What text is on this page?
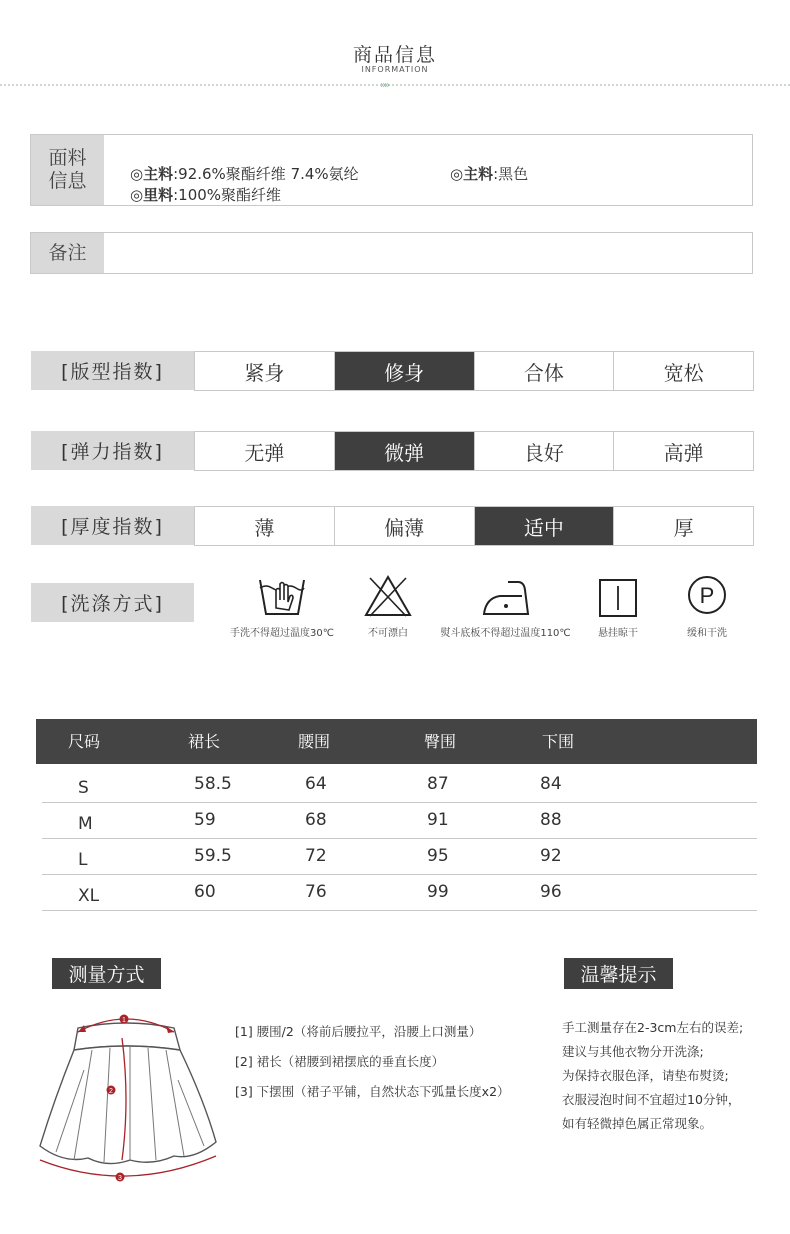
商品信息
INFORMATION
»»
面料
信息	◎主料:92.6%聚酯纤维 7.4%氨纶
◎里料:100%聚酯纤维
◎主料:黑色
备注
[版型指数]	紧身	修身	合体	宽松
[弹力指数]	无弹	微弹	良好	高弹
[厚度指数]	薄	偏薄	适中	厚
[洗涤方式]
手洗不得超过温度30℃	不可漂白	熨斗底板不得超过温度110℃	悬挂晾干
P
缓和干洗
尺码	裙长	腰围	臀围	下围
S	58.5	64	87	84
M	59	68	91	88
L	59.5	72	95	92
XL	60	76	99	96
测量方式
1
2
3
[1] 腰围/2（将前后腰拉平，沿腰上口测量）
[2] 裙长（裙腰到裙摆底的垂直长度）
[3] 下摆围（裙子平铺，自然状态下弧量长度x2）
温馨提示
手工测量存在2-3cm左右的误差;
建议与其他衣物分开洗涤;
为保持衣服色泽，请垫布熨烫;
衣服浸泡时间不宜超过10分钟，
如有轻微掉色属正常现象。
